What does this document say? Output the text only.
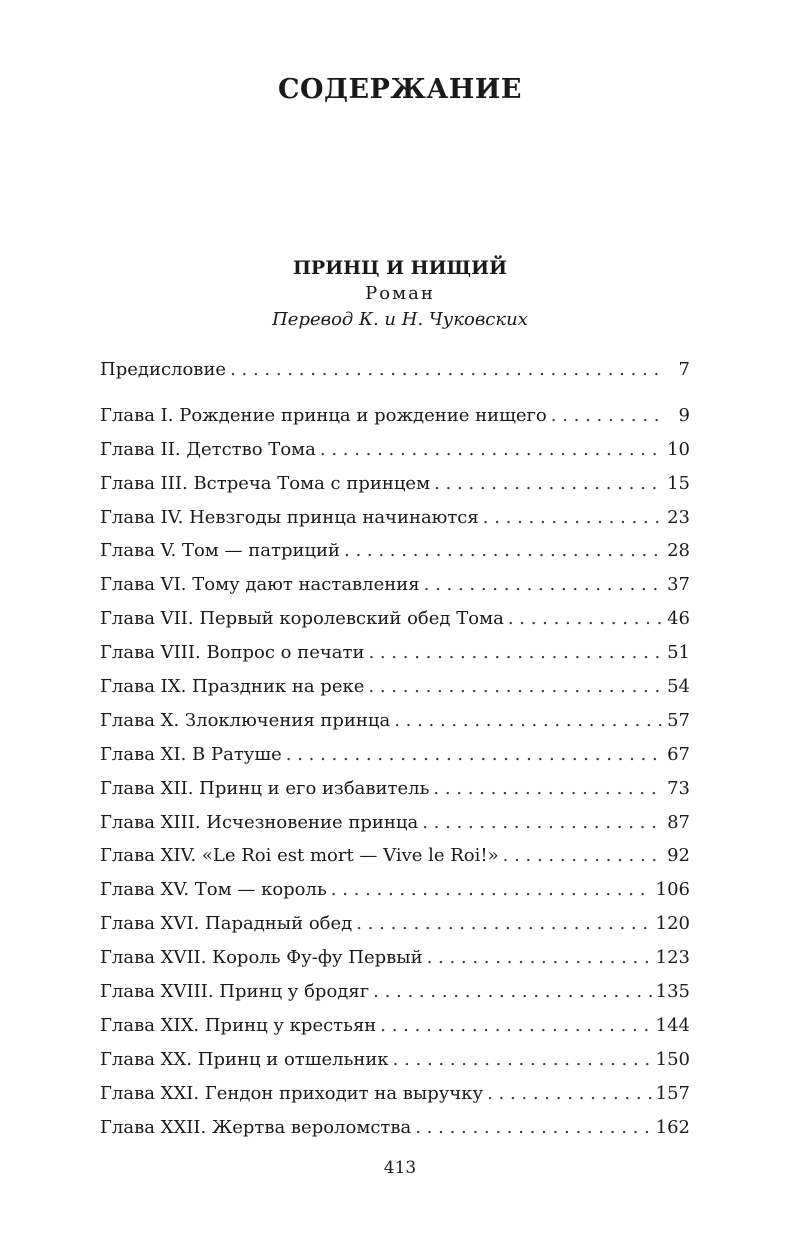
СОДЕРЖАНИЕ

ПРИНЦ И НИЩИЙ

Роман

Перевод К. и Н. Чуковских

Предисловие . . .	7
Глава I. Рождение принца и рождение нищего . . .	9
Глава II. Детство Тома . . .	10
Глава III. Встреча Тома с принцем . . .	15
Глава IV. Невзгоды принца начинаются . . .	23
Глава V. Том — патриций . . .	28
Глава VI. Тому дают наставления . . .	37
Глава VII. Первый королевский обед Тома . . .	46
Глава VIII. Вопрос о печати . . .	51
Глава IX. Праздник на реке . . .	54
Глава X. Злоключения принца . . .	57
Глава XI. В Ратуше . . .	67
Глава XII. Принц и его избавитель . . .	73
Глава XIII. Исчезновение принца . . .	87
Глава XIV. «Le Roi est mort — Vive le Roi!» . . .	92
Глава XV. Том — король . . .	106
Глава XVI. Парадный обед . . .	120
Глава XVII. Король Фу-фу Первый . . .	123
Глава XVIII. Принц у бродяг . . .	135
Глава XIX. Принц у крестьян . . .	144
Глава XX. Принц и отшельник . . .	150
Глава XXI. Гендон приходит на выручку . . .	157
Глава XXII. Жертва вероломства . . .	162
413
